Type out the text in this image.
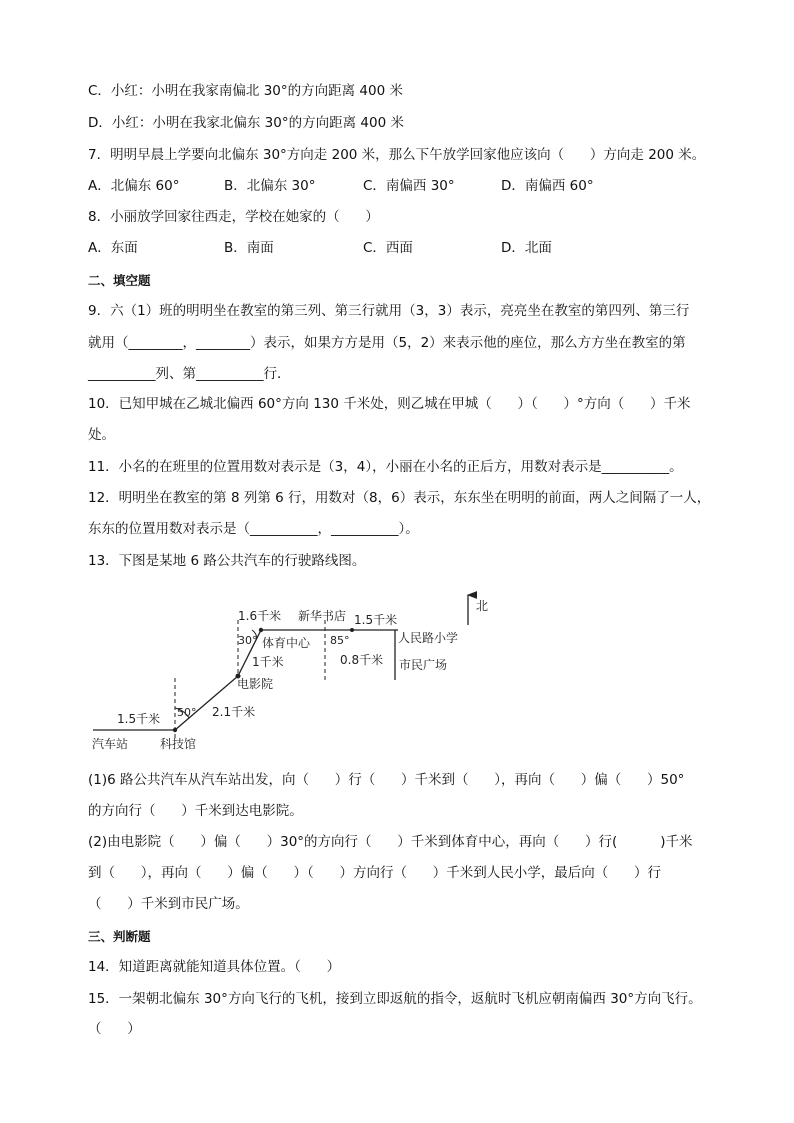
C．小红：小明在我家南偏北 30°的方向距离 400 米
D．小红：小明在我家北偏东 30°的方向距离 400 米
7．明明早晨上学要向北偏东 30°方向走 200 米，那么下午放学回家他应该向（      ）方向走 200 米。
A．北偏东 60°	B．北偏东 30°	C．南偏西 30°	D．南偏西 60°
8．小丽放学回家往西走，学校在她家的（      ）
A．东面	B．南面	C．西面	D．北面
二、填空题
9．六（1）班的明明坐在教室的第三列、第三行就用（3，3）表示，亮亮坐在教室的第四列、第三行
就用（________，________）表示，如果方方是用（5，2）来表示他的座位，那么方方坐在教室的第
__________列、第__________行．
10．已知甲城在乙城北偏西 60°方向 130 千米处，则乙城在甲城（      ）（      ）°方向（      ）千米
处。
11．小名的在班里的位置用数对表示是（3，4），小丽在小名的正后方，用数对表示是__________。
12．明明坐在教室的第 8 列第 6 行，用数对（8，6）表示，东东坐在明明的前面，两人之间隔了一人，
东东的位置用数对表示是（__________，__________）。
13．下图是某地 6 路公共汽车的行驶路线图。
北
汽车站	科技馆
电影院
体育中心
新华书店
人民路小学
市民广场
1.5千米	2.1千米
1千米
1.6千米	1.5千米
0.8千米
50°
30°	85°
(1)6 路公共汽车从汽车站出发，向（      ）行（      ）千米到（      ），再向（      ）偏（      ）50°
的方向行（      ）千米到达电影院。
(2)由电影院（      ）偏（      ）30°的方向行（      ）千米到体育中心，再向（      ）行(          )千米
到（      ），再向（      ）偏（      ）（      ）方向行（      ）千米到人民小学，最后向（      ）行
（      ）千米到市民广场。
三、判断题
14．知道距离就能知道具体位置。（      ）
15．一架朝北偏东 30°方向飞行的飞机，接到立即返航的指令，返航时飞机应朝南偏西 30°方向飞行。
（      ）
